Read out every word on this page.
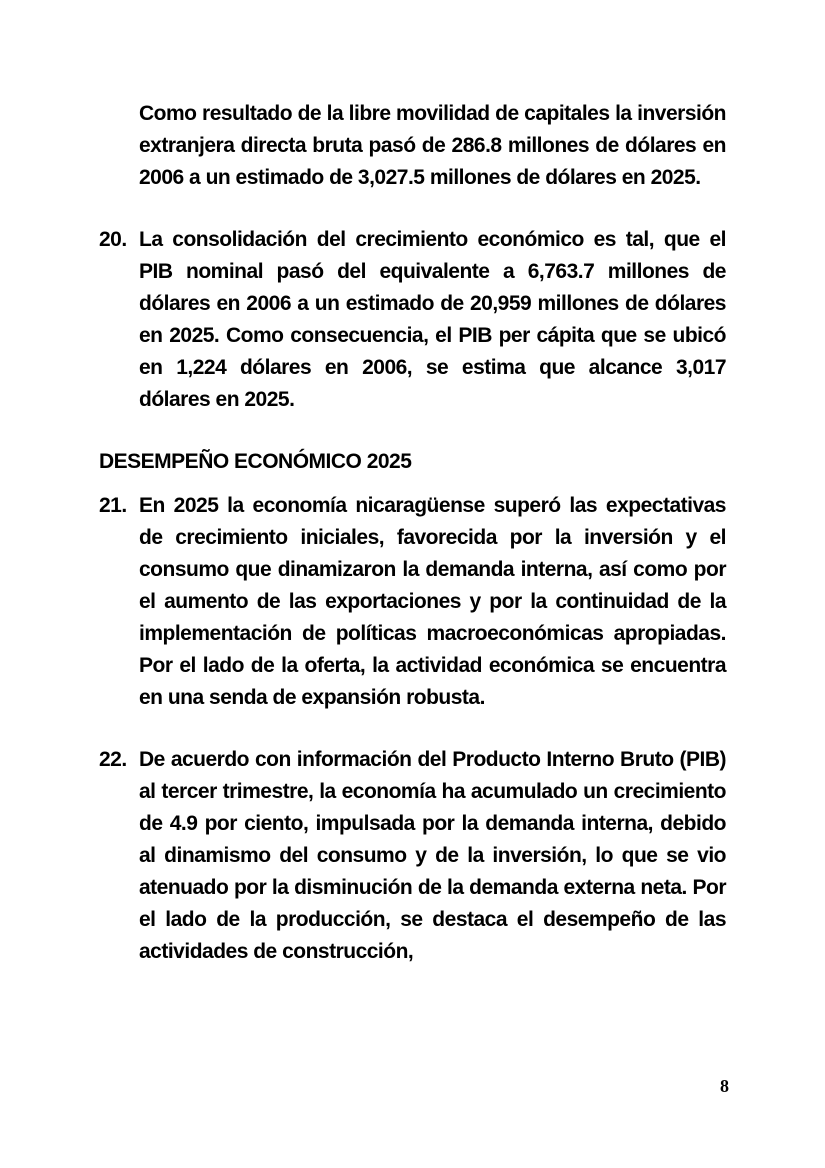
Como resultado de la libre movilidad de capitales la inversión extranjera directa bruta pasó de 286.8 millones de dólares en 2006 a un estimado de 3,027.5 millones de dólares en 2025.

20. La consolidación del crecimiento económico es tal, que el PIB nominal pasó del equivalente a 6,763.7 millones de dólares en 2006 a un estimado de 20,959 millones de dólares en 2025. Como consecuencia, el PIB per cápita que se ubicó en 1,224 dólares en 2006, se estima que alcance 3,017 dólares en 2025.
DESEMPEÑO ECONÓMICO 2025
21. En 2025 la economía nicaragüense superó las expectativas de crecimiento iniciales, favorecida por la inversión y el consumo que dinamizaron la demanda interna, así como por el aumento de las exportaciones y por la continuidad de la implementación de políticas macroeconómicas apropiadas. Por el lado de la oferta, la actividad económica se encuentra en una senda de expansión robusta.
22. De acuerdo con información del Producto Interno Bruto (PIB) al tercer trimestre, la economía ha acumulado un crecimiento de 4.9 por ciento, impulsada por la demanda interna, debido al dinamismo del consumo y de la inversión, lo que se vio atenuado por la disminución de la demanda externa neta. Por el lado de la producción, se destaca el desempeño de las actividades de construcción,
8
